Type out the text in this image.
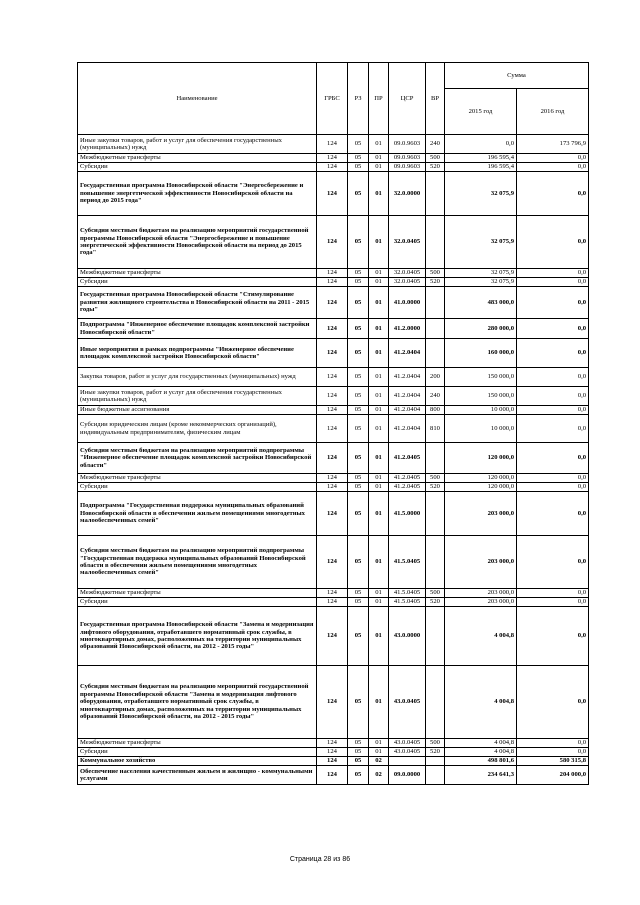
Наименование	ГРБС	РЗ	ПР	ЦСР	ВР	Сумма	
						2015 год	2016 год
Иные закупки товаров, работ и услуг для обеспечения государственных (муниципальных) нужд	124	05	01	09.0.9603	240	0,0	173 796,9
Межбюджетные трансферты	124	05	01	09.0.9603	500	196 595,4	0,0
Субсидии	124	05	01	09.0.9603	520	196 595,4	0,0
Государственная программа Новосибирской области "Энергосбережение и повышение энергетической эффективности Новосибирской области на период до 2015 года"	124	05	01	32.0.0000		32 075,9	0,0
Субсидии местным бюджетам на реализацию мероприятий государственной программы Новосибирской области "Энергосбережение и повышение энергетической эффективности Новосибирской области на период до 2015 года"	124	05	01	32.0.0405		32 075,9	0,0
Межбюджетные трансферты	124	05	01	32.0.0405	500	32 075,9	0,0
Субсидии	124	05	01	32.0.0405	520	32 075,9	0,0
Государственная программа Новосибирской области "Стимулирование развития жилищного строительства в Новосибирской области на 2011 - 2015 годы"	124	05	01	41.0.0000		483 000,0	0,0
Подпрограмма "Инженерное обеспечение площадок комплексной застройки Новосибирской области"	124	05	01	41.2.0000		280 000,0	0,0
Иные мероприятия в рамках подпрограммы "Инженерное обеспечение площадок комплексной застройки Новосибирской области"	124	05	01	41.2.0404		160 000,0	0,0
Закупка товаров, работ и услуг для государственных (муниципальных) нужд	124	05	01	41.2.0404	200	150 000,0	0,0
Иные закупки товаров, работ и услуг для обеспечения государственных (муниципальных) нужд	124	05	01	41.2.0404	240	150 000,0	0,0
Иные бюджетные ассигнования	124	05	01	41.2.0404	800	10 000,0	0,0
Субсидии юридическим лицам (кроме некоммерческих организаций), индивидуальным предпринимателям, физическим лицам	124	05	01	41.2.0404	810	10 000,0	0,0
Субсидии местным бюджетам на реализацию мероприятий подпрограммы "Инженерное обеспечение площадок комплексной застройки Новосибирской области"	124	05	01	41.2.0405		120 000,0	0,0
Межбюджетные трансферты	124	05	01	41.2.0405	500	120 000,0	0,0
Субсидии	124	05	01	41.2.0405	520	120 000,0	0,0
Подпрограмма "Государственная поддержка муниципальных образований Новосибирской области в обеспечении жильем помещениями многодетных малообеспеченных семей"	124	05	01	41.5.0000		203 000,0	0,0
Субсидии местным бюджетам на реализацию мероприятий подпрограммы "Государственная поддержка муниципальных образований Новосибирской области в обеспечении жильем помещениями многодетных малообеспеченных семей"	124	05	01	41.5.0405		203 000,0	0,0
Межбюджетные трансферты	124	05	01	41.5.0405	500	203 000,0	0,0
Субсидии	124	05	01	41.5.0405	520	203 000,0	0,0
Государственная программа Новосибирской области "Замена и модернизация лифтового оборудования, отработавшего нормативный срок службы, в многоквартирных домах, расположенных на территории муниципальных образований Новосибирской области, на 2012 - 2015 годы"	124	05	01	43.0.0000		4 004,8	0,0
Субсидии местным бюджетам на реализацию мероприятий государственной программы Новосибирской области "Замена и модернизация лифтового оборудования, отработавшего нормативный срок службы, в многоквартирных домах, расположенных на территории муниципальных образований Новосибирской области, на 2012 - 2015 годы"	124	05	01	43.0.0405		4 004,8	0,0
Межбюджетные трансферты	124	05	01	43.0.0405	500	4 004,8	0,0
Субсидии	124	05	01	43.0.0405	520	4 004,8	0,0
Коммунальное хозяйство	124	05	02			498 801,6	580 315,8
Обеспечение населения качественным жильем и жилищно - коммунальными услугами	124	05	02	09.0.0000		234 641,3	204 000,0
Страница 28 из 86
